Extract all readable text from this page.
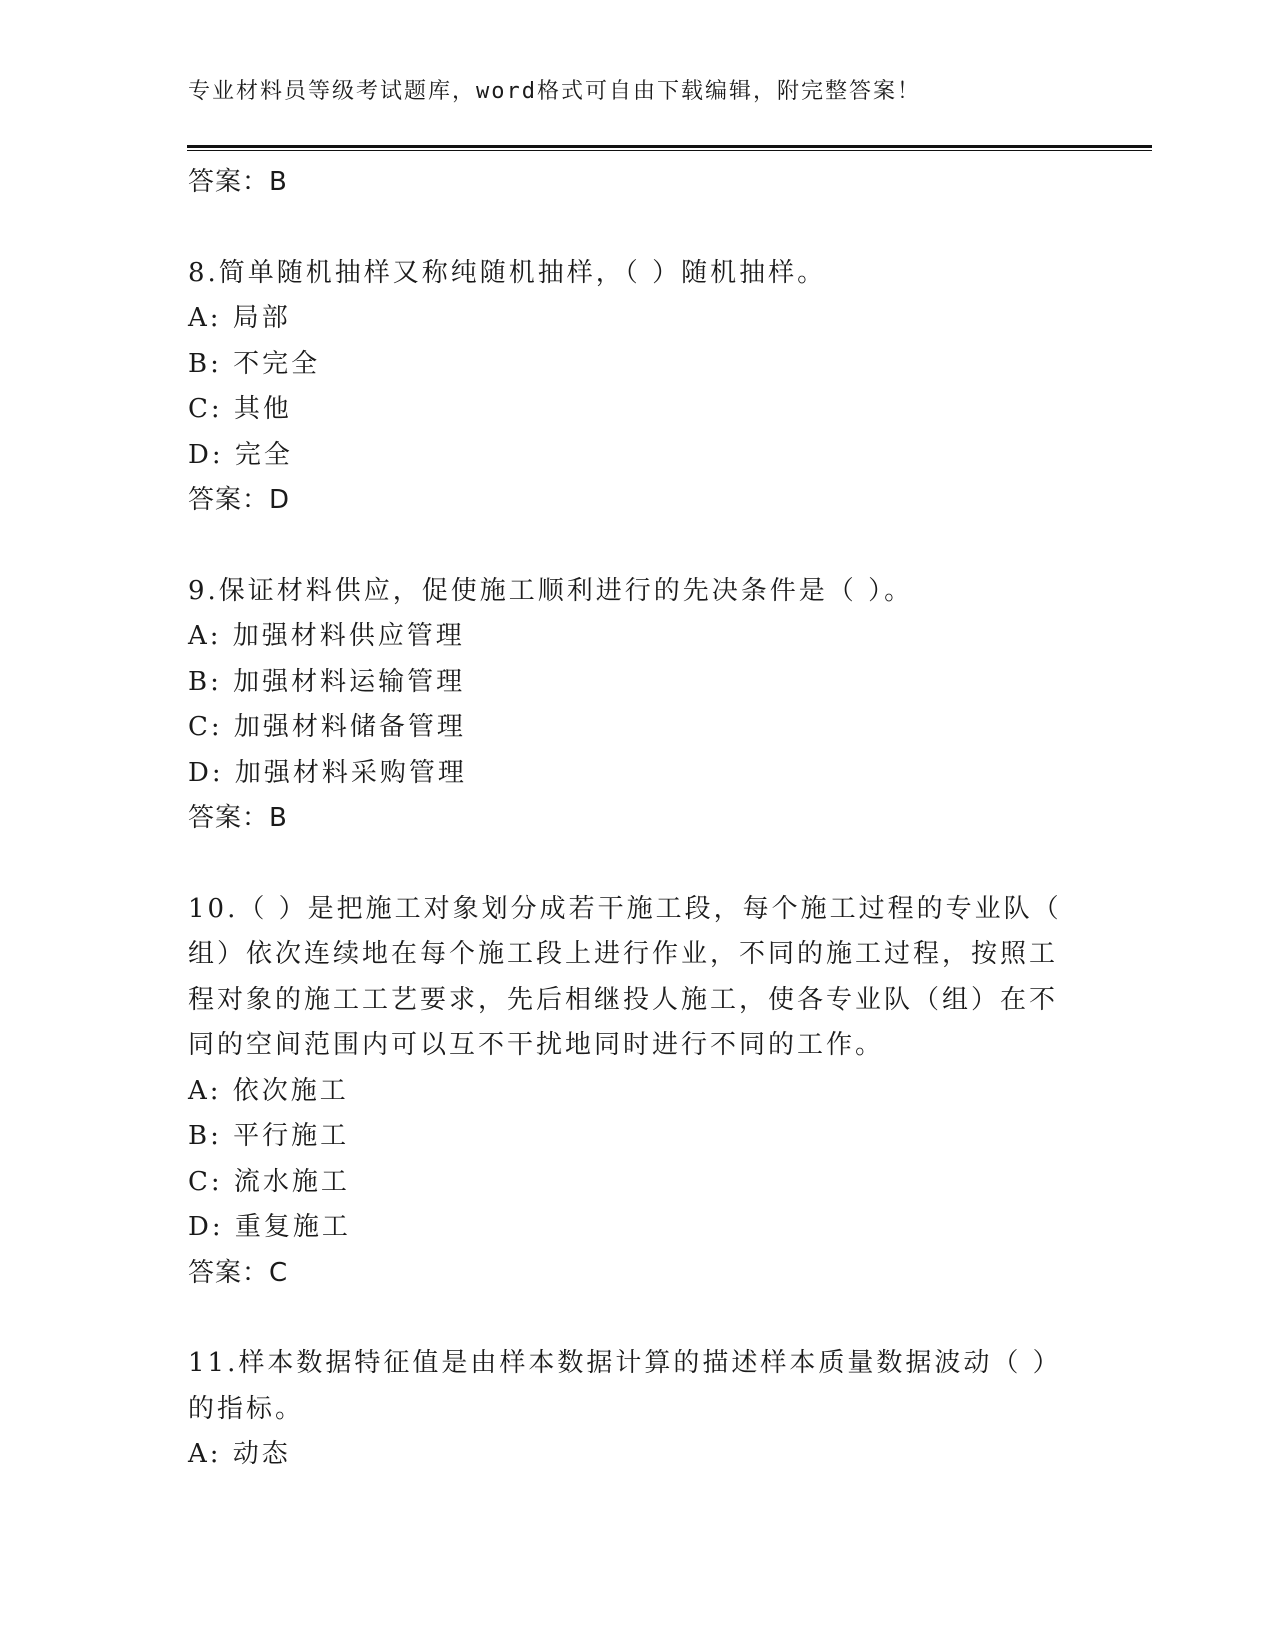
专业材料员等级考试题库，word格式可自由下载编辑，附完整答案！
答案：B
8.简单随机抽样又称纯随机抽样，（ ）随机抽样。
A: 局部
B: 不完全
C: 其他
D: 完全
答案：D
9.保证材料供应，促使施工顺利进行的先决条件是（ ）。
A: 加强材料供应管理
B: 加强材料运输管理
C: 加强材料储备管理
D: 加强材料采购管理
答案：B
10.（ ）是把施工对象划分成若干施工段，每个施工过程的专业队（
组）依次连续地在每个施工段上进行作业，不同的施工过程，按照工
程对象的施工工艺要求，先后相继投人施工，使各专业队（组）在不
同的空间范围内可以互不干扰地同时进行不同的工作。
A: 依次施工
B: 平行施工
C: 流水施工
D: 重复施工
答案：C
11.样本数据特征值是由样本数据计算的描述样本质量数据波动（ ）
的指标。
A: 动态
